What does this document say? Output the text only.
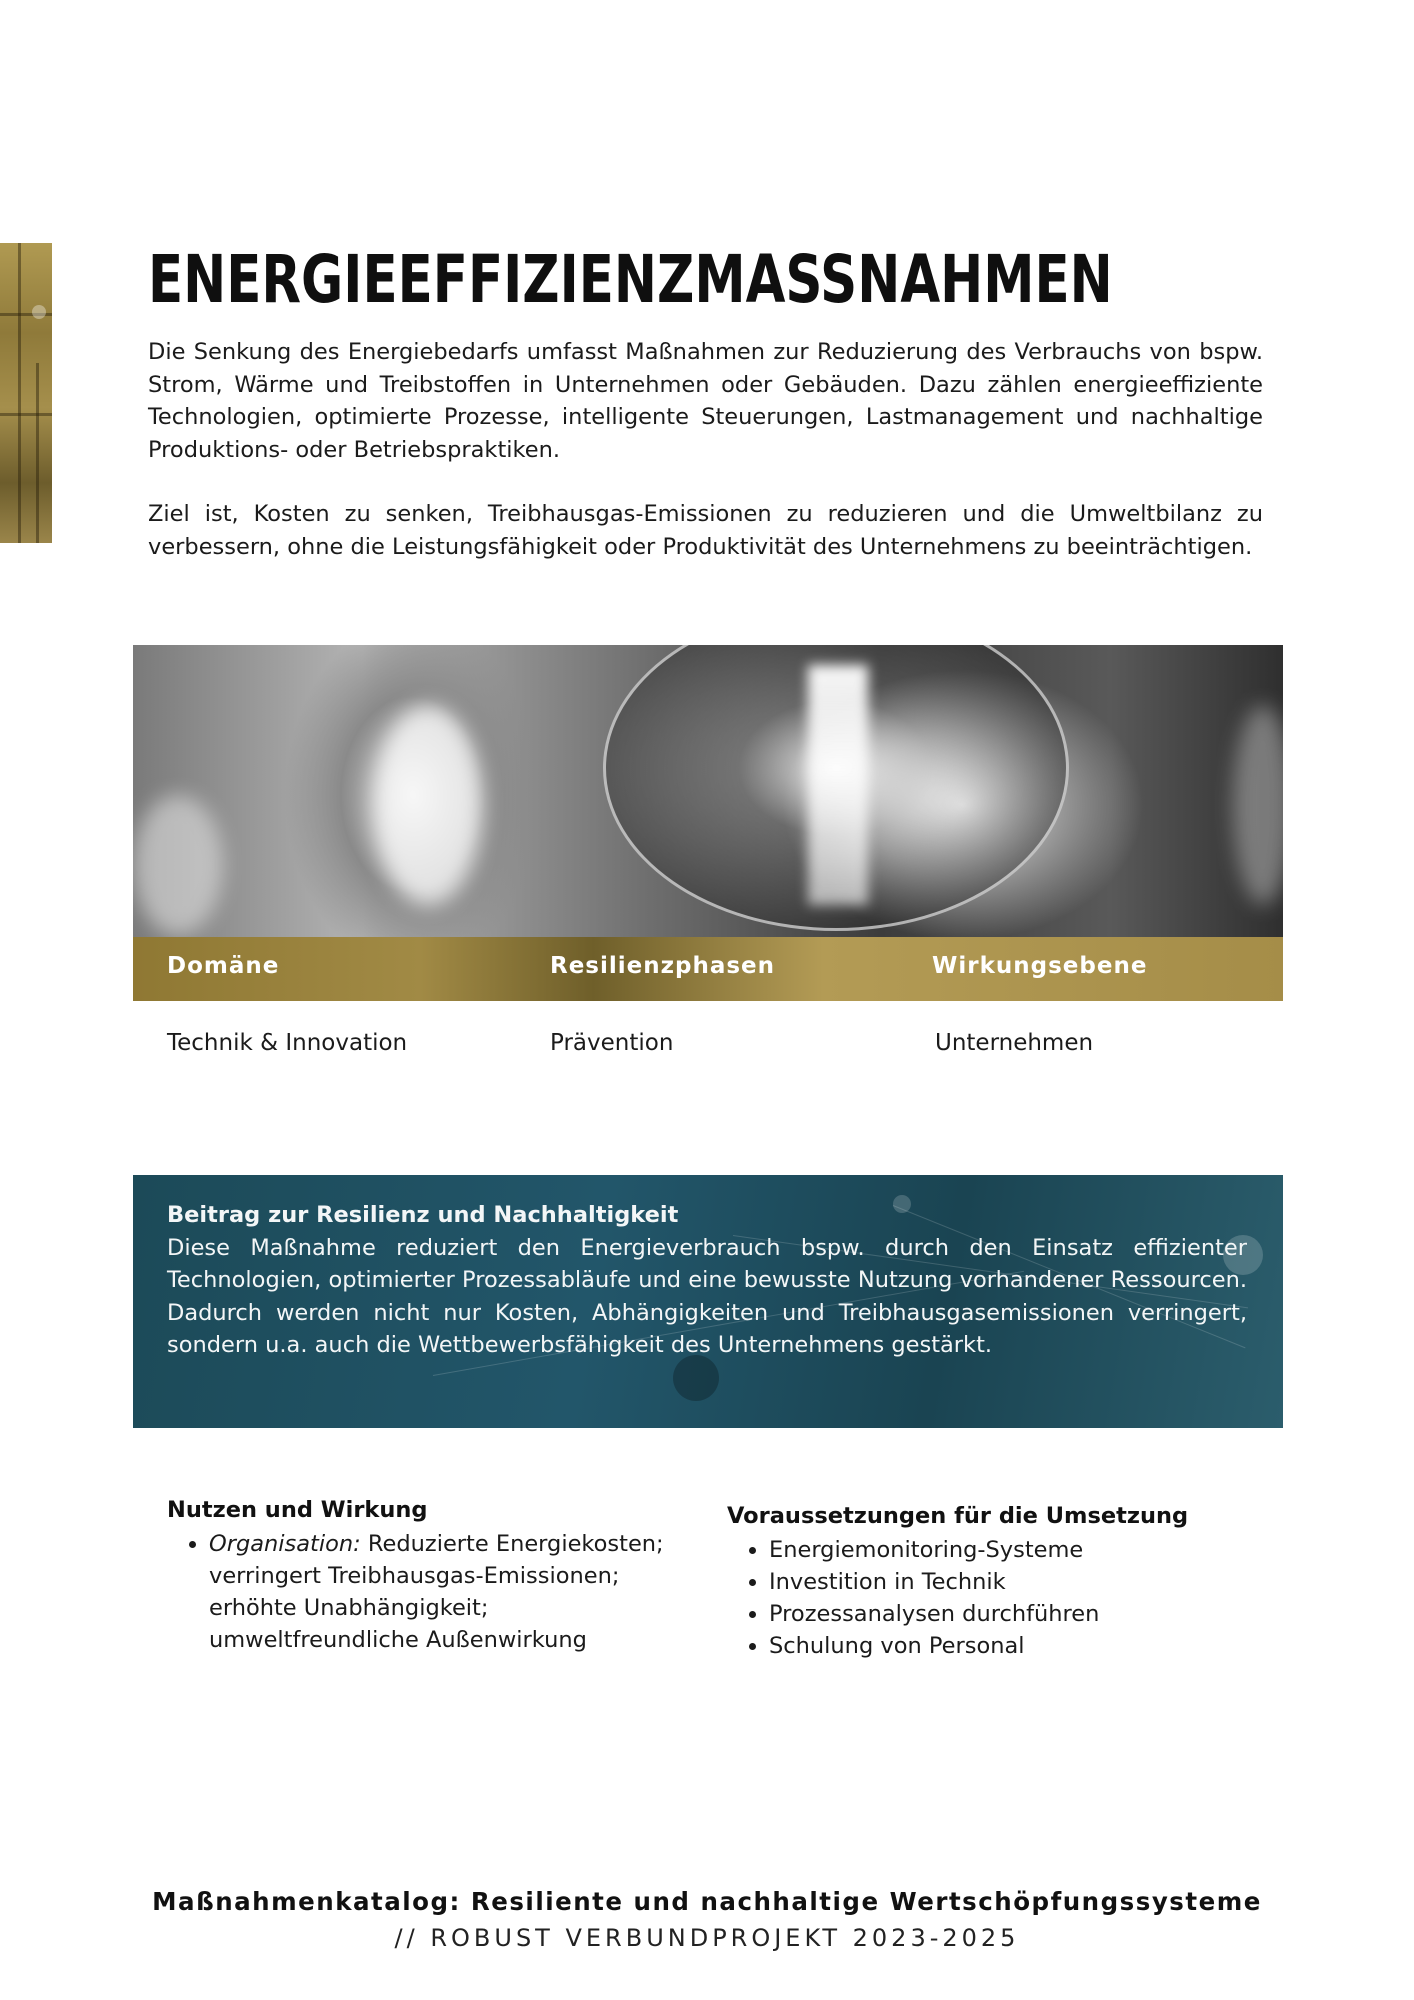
ENERGIEEFFIZIENZMASSNAHMEN

Die Senkung des Energiebedarfs umfasst Maßnahmen zur Reduzierung des Verbrauchs von bspw. Strom, Wärme und Treibstoffen in Unternehmen oder Gebäuden. Dazu zählen energieeffiziente Technologien, optimierte Prozesse, intelligente Steuerungen, Lastmanagement und nachhaltige Produktions- oder Betriebspraktiken.

Ziel ist, Kosten zu senken, Treibhausgas-Emissionen zu reduzieren und die Umweltbilanz zu verbessern, ohne die Leistungsfähigkeit oder Produktivität des Unternehmens zu beeinträchtigen.

Domäne	Resilienzphasen	Wirkungsebene
Technik & Innovation	Prävention	Unternehmen
Beitrag zur Resilienz und Nachhaltigkeit
Diese Maßnahme reduziert den Energieverbrauch bspw. durch den Einsatz effizienter Technologien, optimierter Prozessabläufe und eine bewusste Nutzung vorhandener Ressourcen. Dadurch werden nicht nur Kosten, Abhängigkeiten und Treibhausgasemissionen verringert, sondern u.a. auch die Wettbewerbsfähigkeit des Unternehmens gestärkt.
Nutzen und Wirkung
• Organisation: Reduzierte Energiekosten; verringert Treibhausgas-Emissionen; erhöhte Unabhängigkeit; umweltfreundliche Außenwirkung
Voraussetzungen für die Umsetzung
• Energiemonitoring-Systeme
• Investition in Technik
• Prozessanalysen durchführen
• Schulung von Personal
Maßnahmenkatalog: Resiliente und nachhaltige Wertschöpfungssysteme
// ROBUST VERBUNDPROJEKT 2023-2025
